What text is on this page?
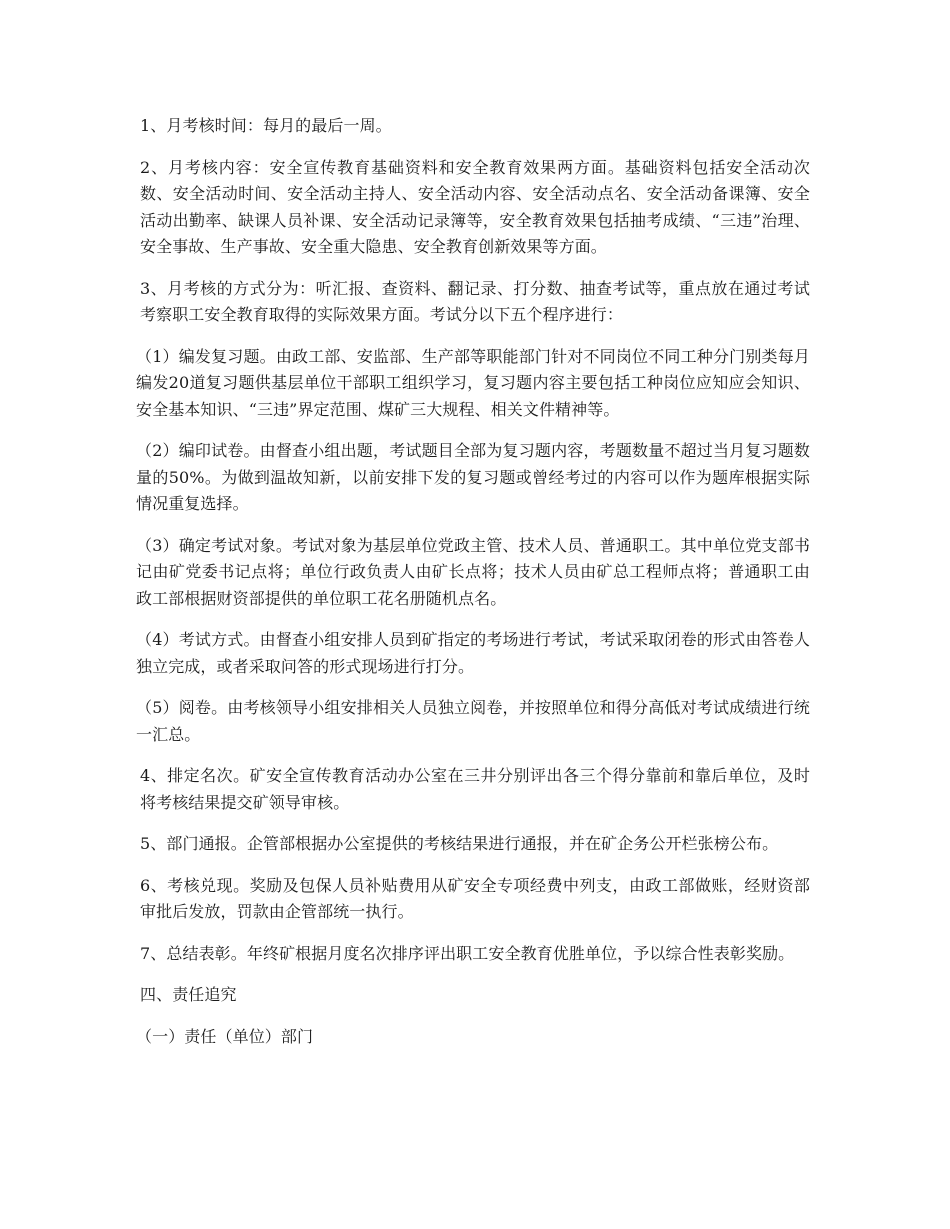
1、月考核时间：每月的最后一周。

2、月考核内容：安全宣传教育基础资料和安全教育效果两方面。基础资料包括安全活动次数、安全活动时间、安全活动主持人、安全活动内容、安全活动点名、安全活动备课簿、安全活动出勤率、缺课人员补课、安全活动记录簿等，安全教育效果包括抽考成绩、“三违”治理、安全事故、生产事故、安全重大隐患、安全教育创新效果等方面。

3、月考核的方式分为：听汇报、查资料、翻记录、打分数、抽查考试等，重点放在通过考试考察职工安全教育取得的实际效果方面。考试分以下五个程序进行：

（1）编发复习题。由政工部、安监部、生产部等职能部门针对不同岗位不同工种分门别类每月编发20道复习题供基层单位干部职工组织学习，复习题内容主要包括工种岗位应知应会知识、安全基本知识、“三违”界定范围、煤矿三大规程、相关文件精神等。

（2）编印试卷。由督查小组出题，考试题目全部为复习题内容，考题数量不超过当月复习题数量的50%。为做到温故知新，以前安排下发的复习题或曾经考过的内容可以作为题库根据实际情况重复选择。

（3）确定考试对象。考试对象为基层单位党政主管、技术人员、普通职工。其中单位党支部书记由矿党委书记点将；单位行政负责人由矿长点将；技术人员由矿总工程师点将；普通职工由政工部根据财资部提供的单位职工花名册随机点名。

（4）考试方式。由督查小组安排人员到矿指定的考场进行考试，考试采取闭卷的形式由答卷人独立完成，或者采取问答的形式现场进行打分。

（5）阅卷。由考核领导小组安排相关人员独立阅卷，并按照单位和得分高低对考试成绩进行统一汇总。

4、排定名次。矿安全宣传教育活动办公室在三井分别评出各三个得分靠前和靠后单位，及时将考核结果提交矿领导审核。

5、部门通报。企管部根据办公室提供的考核结果进行通报，并在矿企务公开栏张榜公布。

6、考核兑现。奖励及包保人员补贴费用从矿安全专项经费中列支，由政工部做账，经财资部审批后发放，罚款由企管部统一执行。

7、总结表彰。年终矿根据月度名次排序评出职工安全教育优胜单位，予以综合性表彰奖励。

四、责任追究

（一）责任（单位）部门
